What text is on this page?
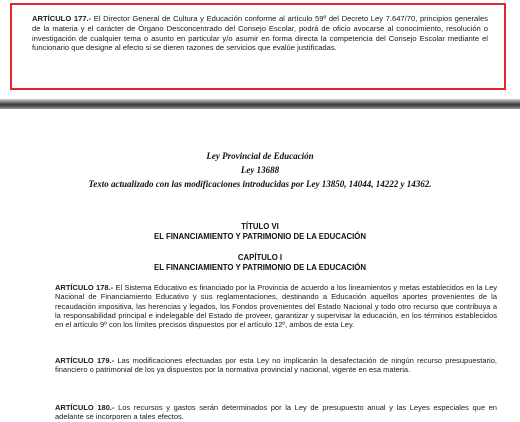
ARTÍCULO 177.- El Director General de Cultura y Educación conforme al artículo 59º del Decreto Ley 7.647/70, principios generales de la materia y el carácter de Órgano Desconcentrado del Consejo Escolar, podrá de oficio avocarse al conocimiento, resolución o investigación de cualquier tema o asunto en particular y/o asumir en forma directa la competencia del Consejo Escolar mediante el funcionario que designe al efecto si se dieren razones de servicios que evalúe justificadas.
Ley Provincial de Educación
Ley 13688
Texto actualizado con las modificaciones introducidas por Ley 13850, 14044, 14222 y 14362.
TÍTULO VI
EL FINANCIAMIENTO Y PATRIMONIO DE LA EDUCACIÓN
CAPÍTULO I
EL FINANCIAMIENTO Y PATRIMONIO DE LA EDUCACIÓN
ARTÍCULO 178.- El Sistema Educativo es financiado por la Provincia de acuerdo a los lineamientos y metas establecidos en la Ley Nacional de Financiamiento Educativo y sus reglamentaciones, destinando a Educación aquellos aportes provenientes de la recaudación impositiva, las herencias y legados, los Fondos provenientes del Estado Nacional y todo otro recurso que contribuya a la responsabilidad principal e indelegable del Estado de proveer, garantizar y supervisar la educación, en los términos establecidos en el artículo 9º con los límites precisos dispuestos por el artículo 12º, ambos de esta Ley.
ARTÍCULO 179.- Las modificaciones efectuadas por esta Ley no implicarán la desafectación de ningún recurso presupuestario, financiero o patrimonial de los ya dispuestos por la normativa provincial y nacional, vigente en esa materia.
ARTÍCULO 180.- Los recursos y gastos serán determinados por la Ley de presupuesto anual y las Leyes especiales que en adelante se incorporen a tales efectos.
